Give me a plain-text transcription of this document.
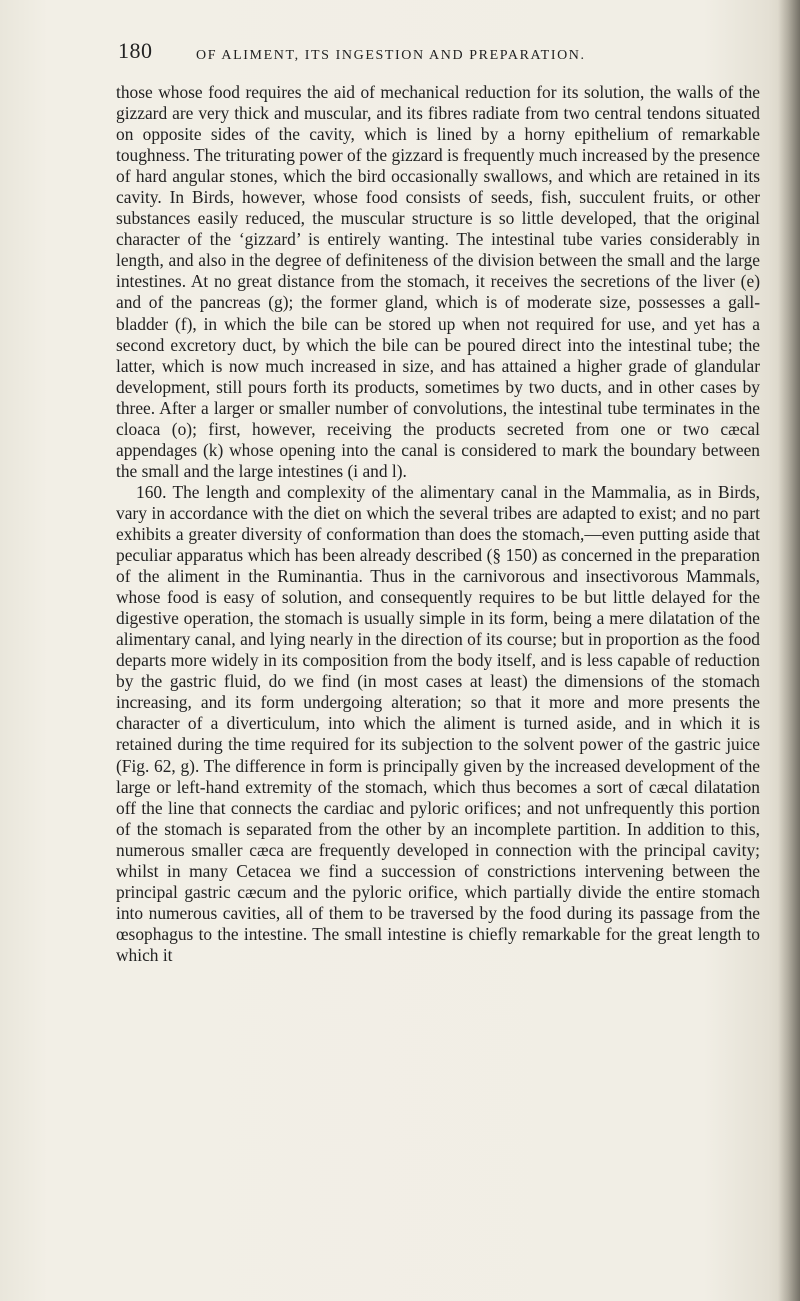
180	OF ALIMENT, ITS INGESTION AND PREPARATION.

those whose food requires the aid of mechanical reduction for its solution, the walls of the gizzard are very thick and muscular, and its fibres radiate from two central tendons situated on opposite sides of the cavity, which is lined by a horny epithelium of remarkable toughness. The triturating power of the gizzard is frequently much increased by the presence of hard angular stones, which the bird occasionally swallows, and which are retained in its cavity. In Birds, however, whose food consists of seeds, fish, succulent fruits, or other substances easily reduced, the muscular structure is so little developed, that the original character of the ‘gizzard’ is entirely wanting. The intestinal tube varies considerably in length, and also in the degree of definiteness of the division between the small and the large intestines. At no great distance from the stomach, it receives the secretions of the liver (e) and of the pancreas (g); the former gland, which is of moderate size, possesses a gall-bladder (f), in which the bile can be stored up when not required for use, and yet has a second excretory duct, by which the bile can be poured direct into the intestinal tube; the latter, which is now much increased in size, and has attained a higher grade of glandular development, still pours forth its products, sometimes by two ducts, and in other cases by three. After a larger or smaller number of convolutions, the intestinal tube terminates in the cloaca (o); first, however, receiving the products secreted from one or two cæcal appendages (k) whose opening into the canal is considered to mark the boundary between the small and the large intestines (i and l).

160. The length and complexity of the alimentary canal in the Mammalia, as in Birds, vary in accordance with the diet on which the several tribes are adapted to exist; and no part exhibits a greater diversity of conformation than does the stomach,—even putting aside that peculiar apparatus which has been already described (§ 150) as concerned in the preparation of the aliment in the Ruminantia. Thus in the carnivorous and insectivorous Mammals, whose food is easy of solution, and consequently requires to be but little delayed for the digestive operation, the stomach is usually simple in its form, being a mere dilatation of the alimentary canal, and lying nearly in the direction of its course; but in proportion as the food departs more widely in its composition from the body itself, and is less capable of reduction by the gastric fluid, do we find (in most cases at least) the dimensions of the stomach increasing, and its form undergoing alteration; so that it more and more presents the character of a diverticulum, into which the aliment is turned aside, and in which it is retained during the time required for its subjection to the solvent power of the gastric juice (Fig. 62, g). The difference in form is principally given by the increased development of the large or left-hand extremity of the stomach, which thus becomes a sort of cæcal dilatation off the line that connects the cardiac and pyloric orifices; and not unfrequently this portion of the stomach is separated from the other by an incomplete partition. In addition to this, numerous smaller cæca are frequently developed in connection with the principal cavity; whilst in many Cetacea we find a succession of constrictions intervening between the principal gastric cæcum and the pyloric orifice, which partially divide the entire stomach into numerous cavities, all of them to be traversed by the food during its passage from the œsophagus to the intestine. The small intestine is chiefly remarkable for the great length to which it
